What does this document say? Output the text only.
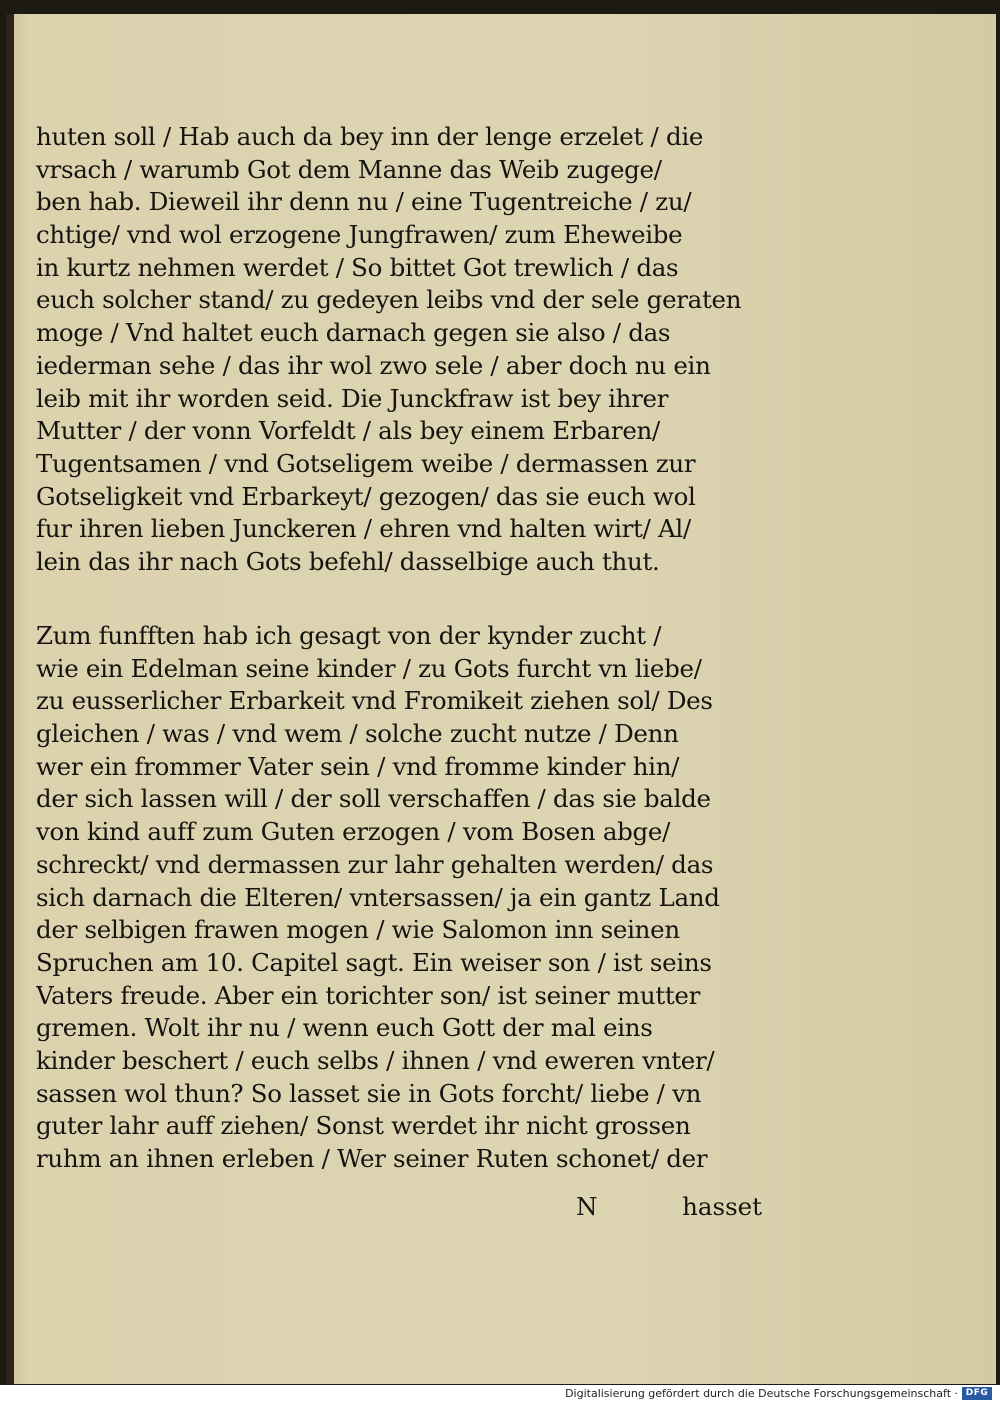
huten soll / Hab auch da bey inn der lenge erzelet / die
vrsach / warumb Got dem Manne das Weib zugege/
ben hab. Dieweil ihr denn nu / eine Tugentreiche / zu/
chtige/ vnd wol erzogene Jungfrawen/ zum Eheweibe
in kurtz nehmen werdet / So bittet Got trewlich / das
euch solcher stand/ zu gedeyen leibs vnd der sele geraten
moge / Vnd haltet euch darnach gegen sie also / das
iederman sehe / das ihr wol zwo sele / aber doch nu ein
leib mit ihr worden seid. Die Junckfraw ist bey ihrer
Mutter / der vonn Vorfeldt / als bey einem Erbaren/
Tugentsamen / vnd Gotseligem weibe / dermassen zur
Gotseligkeit vnd Erbarkeyt/ gezogen/ das sie euch wol
fur ihren lieben Junckeren / ehren vnd halten wirt/ Al/
lein das ihr nach Gots befehl/ dasselbige auch thut.
Zum funfften hab ich gesagt von der kynder zucht /
wie ein Edelman seine kinder / zu Gots furcht vn liebe/
zu eusserlicher Erbarkeit vnd Fromikeit ziehen sol/ Des
gleichen / was / vnd wem / solche zucht nutze / Denn
wer ein frommer Vater sein / vnd fromme kinder hin/
der sich lassen will / der soll verschaffen / das sie balde
von kind auff zum Guten erzogen / vom Bosen abge/
schreckt/ vnd dermassen zur lahr gehalten werden/ das
sich darnach die Elteren/ vntersassen/ ja ein gantz Land
der selbigen frawen mogen / wie Salomon inn seinen
Spruchen am 10. Capitel sagt. Ein weiser son / ist seins
Vaters freude. Aber ein torichter son/ ist seiner mutter
gremen. Wolt ihr nu / wenn euch Gott der mal eins
kinder beschert / euch selbs / ihnen / vnd eweren vnter/
sassen wol thun? So lasset sie in Gots forcht/ liebe / vn
guter lahr auff ziehen/ Sonst werdet ihr nicht grossen
ruhm an ihnen erleben / Wer seiner Ruten schonet/ der
N	hasset
Digitalisierung gefördert durch die Deutsche Forschungsgemeinschaft · DFG
